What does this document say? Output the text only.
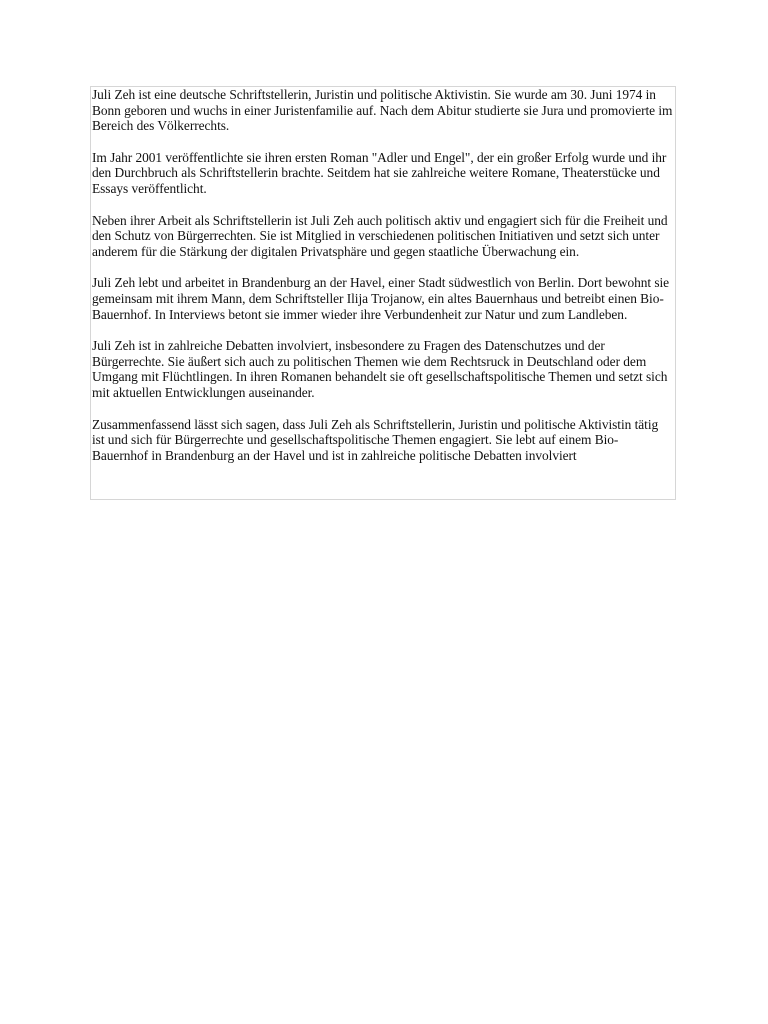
Juli Zeh ist eine deutsche Schriftstellerin, Juristin und politische Aktivistin. Sie wurde am 30. Juni 1974 in Bonn geboren und wuchs in einer Juristenfamilie auf. Nach dem Abitur studierte sie Jura und promovierte im Bereich des Völkerrechts.

Im Jahr 2001 veröffentlichte sie ihren ersten Roman "Adler und Engel", der ein großer Erfolg wurde und ihr den Durchbruch als Schriftstellerin brachte. Seitdem hat sie zahlreiche weitere Romane, Theaterstücke und Essays veröffentlicht.

Neben ihrer Arbeit als Schriftstellerin ist Juli Zeh auch politisch aktiv und engagiert sich für die Freiheit und den Schutz von Bürgerrechten. Sie ist Mitglied in verschiedenen politischen Initiativen und setzt sich unter anderem für die Stärkung der digitalen Privatsphäre und gegen staatliche Überwachung ein.

Juli Zeh lebt und arbeitet in Brandenburg an der Havel, einer Stadt südwestlich von Berlin. Dort bewohnt sie gemeinsam mit ihrem Mann, dem Schriftsteller Ilija Trojanow, ein altes Bauernhaus und betreibt einen Bio-Bauernhof. In Interviews betont sie immer wieder ihre Verbundenheit zur Natur und zum Landleben.

Juli Zeh ist in zahlreiche Debatten involviert, insbesondere zu Fragen des Datenschutzes und der Bürgerrechte. Sie äußert sich auch zu politischen Themen wie dem Rechtsruck in Deutschland oder dem Umgang mit Flüchtlingen. In ihren Romanen behandelt sie oft gesellschaftspolitische Themen und setzt sich mit aktuellen Entwicklungen auseinander.

Zusammenfassend lässt sich sagen, dass Juli Zeh als Schriftstellerin, Juristin und politische Aktivistin tätig ist und sich für Bürgerrechte und gesellschaftspolitische Themen engagiert. Sie lebt auf einem Bio-Bauernhof in Brandenburg an der Havel und ist in zahlreiche politische Debatten involviert
